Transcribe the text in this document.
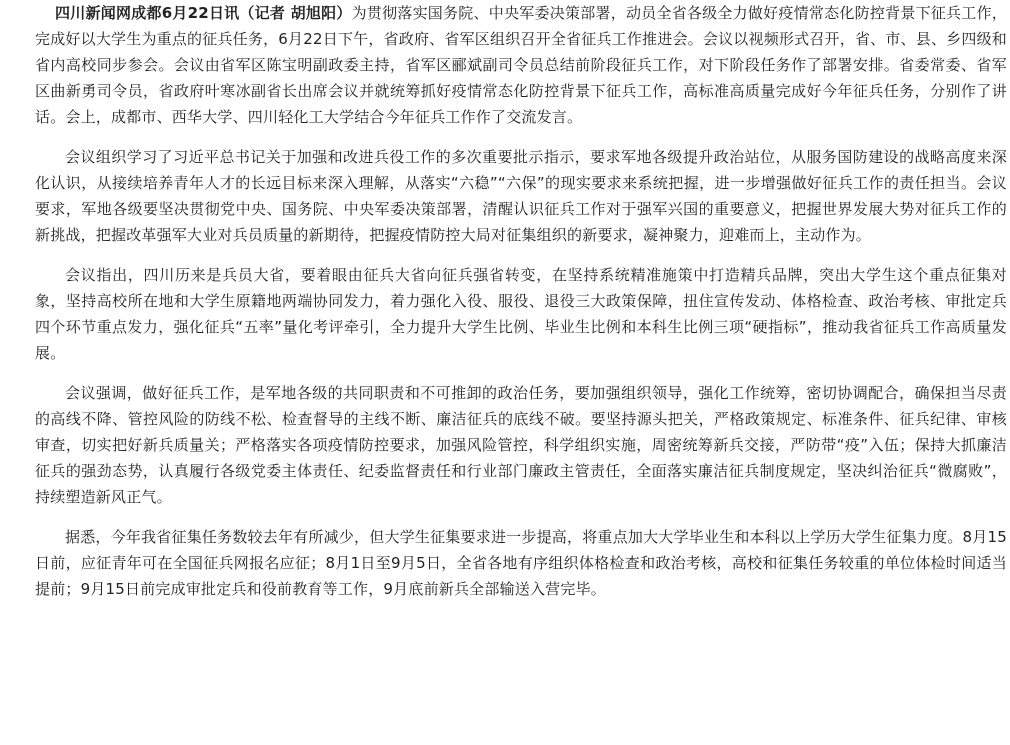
四川新闻网成都6月22日讯（记者 胡旭阳）为贯彻落实国务院、中央军委决策部署，动员全省各级全力做好疫情常态化防控背景下征兵工作，完成好以大学生为重点的征兵任务，6月22日下午，省政府、省军区组织召开全省征兵工作推进会。会议以视频形式召开，省、市、县、乡四级和省内高校同步参会。会议由省军区陈宝明副政委主持，省军区郦斌副司令员总结前阶段征兵工作，对下阶段任务作了部署安排。省委常委、省军区曲新勇司令员，省政府叶寒冰副省长出席会议并就统筹抓好疫情常态化防控背景下征兵工作，高标准高质量完成好今年征兵任务，分别作了讲话。会上，成都市、西华大学、四川轻化工大学结合今年征兵工作作了交流发言。

会议组织学习了习近平总书记关于加强和改进兵役工作的多次重要批示指示，要求军地各级提升政治站位，从服务国防建设的战略高度来深化认识，从接续培养青年人才的长远目标来深入理解，从落实“六稳”“六保”的现实要求来系统把握，进一步增强做好征兵工作的责任担当。会议要求，军地各级要坚决贯彻党中央、国务院、中央军委决策部署，清醒认识征兵工作对于强军兴国的重要意义，把握世界发展大势对征兵工作的新挑战，把握改革强军大业对兵员质量的新期待，把握疫情防控大局对征集组织的新要求，凝神聚力，迎难而上，主动作为。

会议指出，四川历来是兵员大省，要着眼由征兵大省向征兵强省转变，在坚持系统精准施策中打造精兵品牌，突出大学生这个重点征集对象，坚持高校所在地和大学生原籍地两端协同发力，着力强化入役、服役、退役三大政策保障，扭住宣传发动、体格检查、政治考核、审批定兵四个环节重点发力，强化征兵“五率”量化考评牵引，全力提升大学生比例、毕业生比例和本科生比例三项“硬指标”，推动我省征兵工作高质量发展。

会议强调，做好征兵工作，是军地各级的共同职责和不可推卸的政治任务，要加强组织领导，强化工作统筹，密切协调配合，确保担当尽责的高线不降、管控风险的防线不松、检查督导的主线不断、廉洁征兵的底线不破。要坚持源头把关，严格政策规定、标准条件、征兵纪律、审核审查，切实把好新兵质量关；严格落实各项疫情防控要求，加强风险管控，科学组织实施，周密统筹新兵交接，严防带“疫”入伍；保持大抓廉洁征兵的强劲态势，认真履行各级党委主体责任、纪委监督责任和行业部门廉政主管责任，全面落实廉洁征兵制度规定，坚决纠治征兵“微腐败”，持续塑造新风正气。

据悉，今年我省征集任务数较去年有所减少，但大学生征集要求进一步提高，将重点加大大学毕业生和本科以上学历大学生征集力度。8月15日前，应征青年可在全国征兵网报名应征；8月1日至9月5日，全省各地有序组织体格检查和政治考核，高校和征集任务较重的单位体检时间适当提前；9月15日前完成审批定兵和役前教育等工作，9月底前新兵全部输送入营完毕。
